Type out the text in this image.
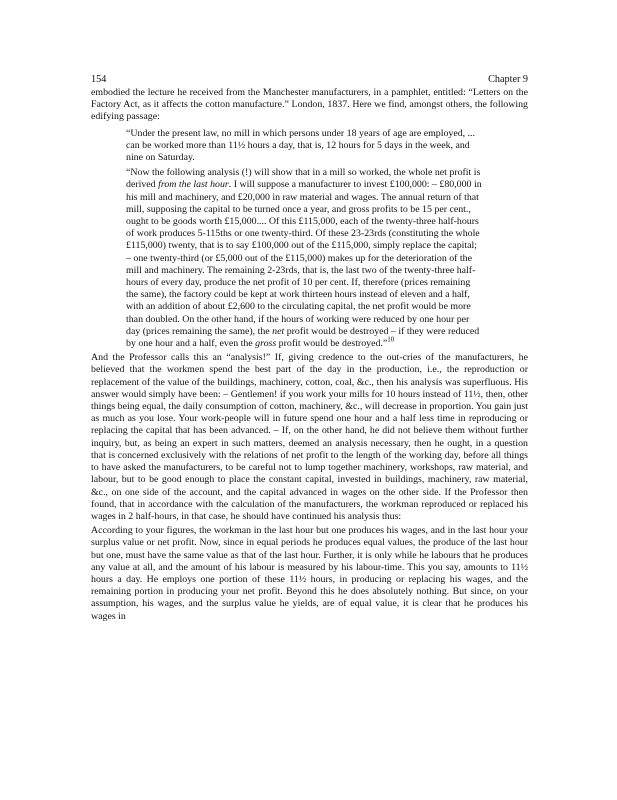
154	Chapter 9

embodied the lecture he received from the Manchester manufacturers, in a pamphlet, entitled: “Letters on the Factory Act, as it affects the cotton manufacture.” London, 1837. Here we find, amongst others, the following edifying passage:

“Under the present law, no mill in which persons under 18 years of age are employed, ... can be worked more than 11½ hours a day, that is, 12 hours for 5 days in the week, and nine on Saturday.

“Now the following analysis (!) will show that in a mill so worked, the whole net profit is derived from the last hour. I will suppose a manufacturer to invest £100,000: – £80,000 in his mill and machinery, and £20,000 in raw material and wages. The annual return of that mill, supposing the capital to be turned once a year, and gross profits to be 15 per cent., ought to be goods worth £15,000.... Of this £115,000, each of the twenty-three half-hours of work produces 5-115ths or one twenty-third. Of these 23-23rds (constituting the whole £115,000) twenty, that is to say £100,000 out of the £115,000, simply replace the capital; – one twenty-third (or £5,000 out of the £115,000) makes up for the deterioration of the mill and machinery. The remaining 2-23rds, that is, the last two of the twenty-three half-hours of every day, produce the net profit of 10 per cent. If, therefore (prices remaining the same), the factory could be kept at work thirteen hours instead of eleven and a half, with an addition of about £2,600 to the circulating capital, the net profit would be more than doubled. On the other hand, if the hours of working were reduced by one hour per day (prices remaining the same), the net profit would be destroyed – if they were reduced by one hour and a half, even the gross profit would be destroyed.”$^{10}$

And the Professor calls this an “analysis!” If, giving credence to the out-cries of the manufacturers, he believed that the workmen spend the best part of the day in the production, i.e., the reproduction or replacement of the value of the buildings, machinery, cotton, coal, &c., then his analysis was superfluous. His answer would simply have been: – Gentlemen! if you work your mills for 10 hours instead of 11½, then, other things being equal, the daily consumption of cotton, machinery, &c., will decrease in proportion. You gain just as much as you lose. Your work-people will in future spend one hour and a half less time in reproducing or replacing the capital that has been advanced. – If, on the other hand, he did not believe them without further inquiry, but, as being an expert in such matters, deemed an analysis necessary, then he ought, in a question that is concerned exclusively with the relations of net profit to the length of the working day, before all things to have asked the manufacturers, to be careful not to lump together machinery, workshops, raw material, and labour, but to be good enough to place the constant capital, invested in buildings, machinery, raw material, &c., on one side of the account, and the capital advanced in wages on the other side. If the Professor then found, that in accordance with the calculation of the manufacturers, the workman reproduced or replaced his wages in 2 half-hours, in that case, he should have continued his analysis thus:

According to your figures, the workman in the last hour but one produces his wages, and in the last hour your surplus value or net profit. Now, since in equal periods he produces equal values, the produce of the last hour but one, must have the same value as that of the last hour. Further, it is only while he labours that he produces any value at all, and the amount of his labour is measured by his labour-time. This you say, amounts to 11½ hours a day. He employs one portion of these 11½ hours, in producing or replacing his wages, and the remaining portion in producing your net profit. Beyond this he does absolutely nothing. But since, on your assumption, his wages, and the surplus value he yields, are of equal value, it is clear that he produces his wages in
